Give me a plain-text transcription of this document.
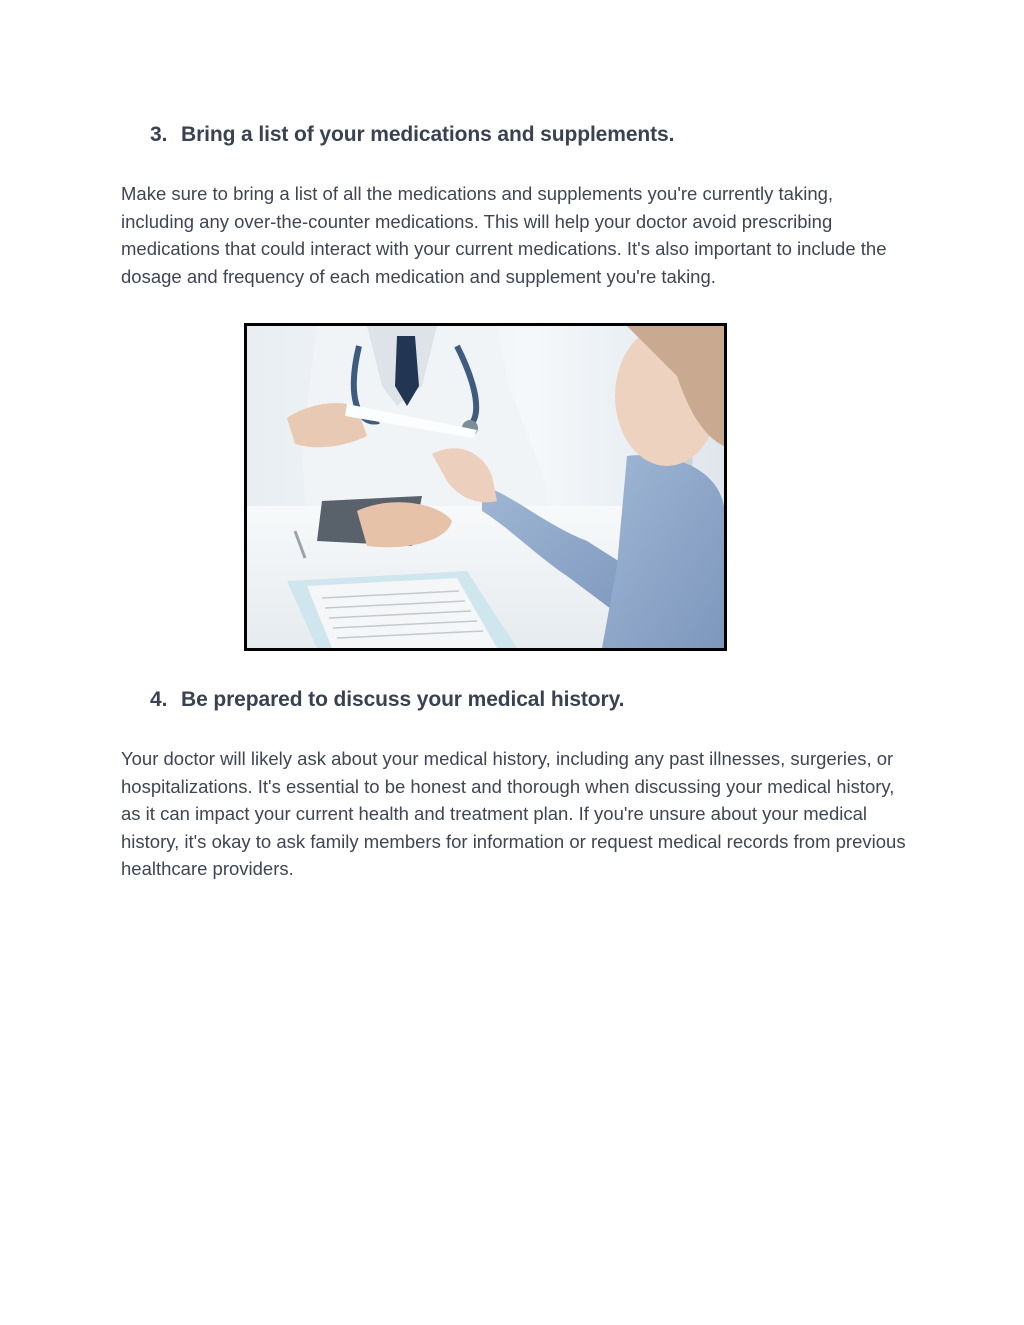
3. Bring a list of your medications and supplements.

Make sure to bring a list of all the medications and supplements you're currently taking, including any over-the-counter medications. This will help your doctor avoid prescribing medications that could interact with your current medications. It's also important to include the dosage and frequency of each medication and supplement you're taking.

4. Be prepared to discuss your medical history.

Your doctor will likely ask about your medical history, including any past illnesses, surgeries, or hospitalizations. It's essential to be honest and thorough when discussing your medical history, as it can impact your current health and treatment plan. If you're unsure about your medical history, it's okay to ask family members for information or request medical records from previous healthcare providers.
